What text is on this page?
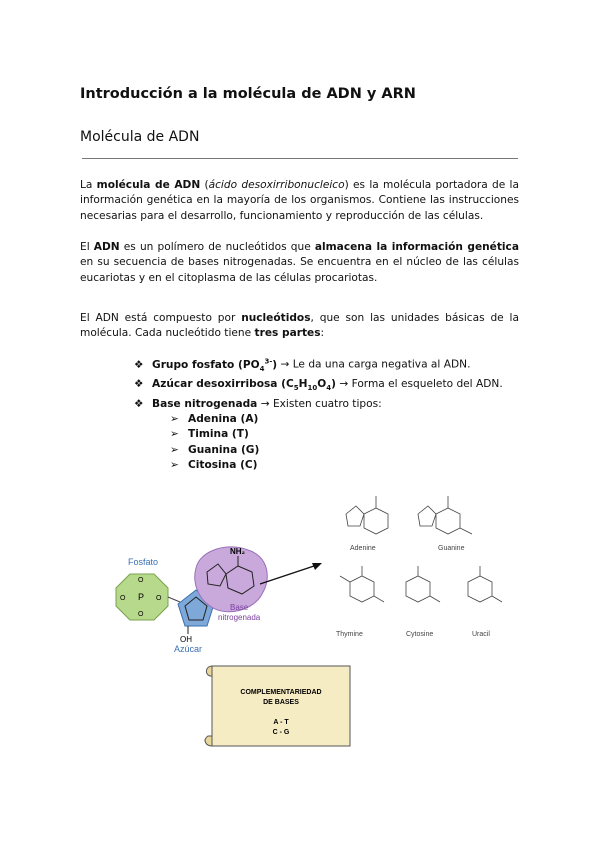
Introducción a la molécula de ADN y ARN
Molécula de ADN
La molécula de ADN (ácido desoxirribonucleico) es la molécula portadora de la información genética en la mayoría de los organismos. Contiene las instrucciones necesarias para el desarrollo, funcionamiento y reproducción de las células.
El ADN es un polímero de nucleótidos que almacena la información genética en su secuencia de bases nitrogenadas. Se encuentra en el núcleo de las células eucariotas y en el citoplasma de las células procariotas.
El ADN está compuesto por nucleótidos, que son las unidades básicas de la molécula. Cada nucleótido tiene tres partes:
❖ Grupo fosfato $(PO_4^{3-}) \to Le$ da una carga negativa al ADN.
❖ Azúcar desoxirribosa $(C_5H_{10}O_4)$ → Forma el esqueleto del ADN.
❖ Base nitrogenada → Existen cuatro tipos:
➢ Adenina (A)
➢ Timina (T)
➢ Guanina (G)
➢ Citosina (C)
Fosfato
P
O
O
O	O
OH
Azúcar
NH₂
Base
nitrogenada
Adenine	Guanine
Thymine	Cytosine	Uracil
COMPLEMENTARIEDAD
DE BASES
A - T
C - G
